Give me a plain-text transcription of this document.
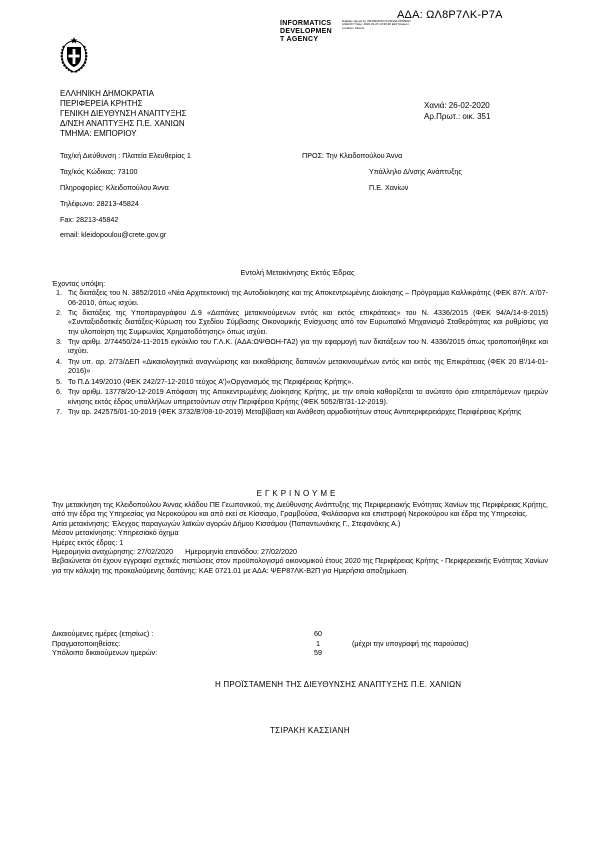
ΑΔΑ: ΩΛ8Ρ7ΛΚ-Ρ7Α
INFORMATICS
DEVELOPMEN
T AGENCY
Digitally signed by INFORMATICS DEVELOPMENT AGENCY Date: 2020.02.26 13:39:28 EET Reason: Location: Athens
ΕΛΛΗΝΙΚΗ ΔΗΜΟΚΡΑΤΙΑ
ΠΕΡΙΦΕΡΕΙΑ ΚΡΗΤΗΣ
ΓΕΝΙΚΗ ΔΙΕΥΘΥΝΣΗ ΑΝΑΠΤΥΞΗΣ
Δ/ΝΣΗ ΑΝΑΠΤΥΞΗΣ Π.Ε. ΧΑΝΙΩΝ
ΤΜΗΜΑ: ΕΜΠΟΡΙΟΥ
Χανιά: 26-02-2020
Αρ.Πρωτ.: οικ. 351
Ταχ/κή Διεύθυνση : Πλατεία Ελευθερίας 1
Ταχ/κός Κώδικας: 73100
Πληροφορίες: Κλειδοπούλου Άννα
Τηλέφωνο: 28213-45824
Fax: 28213-45842
email: kleidopoulou@crete.gov.gr
ΠΡΟΣ: Την Κλειδοπούλου Άννα
Υπάλληλο Δ/νσης Ανάπτυξης
Π.Ε. Χανίων
Εντολή Μετακίνησης Εκτός Έδρας

Έχοντας υπόψη:

1. Τις διατάξεις του Ν. 3852/2010 «Νέα Αρχιτεκτονική της Αυτοδιοίκησης και της Αποκεντρωμένης Διοίκησης – Πρόγραμμα Καλλικράτης (ΦΕΚ 87/τ. Α'/07-06-2010, όπως ισχύει.
2. Τις διατάξεις της Υποπαραγράφου Δ.9 «Δαπάνες μετακινούμενων εντός και εκτός επικράτειας» του Ν. 4336/2015 (ΦΕΚ 94/Α/14-8-2015) «Συνταξιοδοτικές διατάξεις-Κύρωση του Σχεδίου Σύμβασης Οικονομικής Ενίσχυσης από τον Ευρωπαϊκό Μηχανισμό Σταθερότητας και ρυθμίσεις για την υλοποίηση της Συμφωνίας Χρηματοδότησης» όπως ισχύει.
3. Την αριθμ. 2/74450/24-11-2015 εγκύκλιο του Γ.Λ.Κ. (ΑΔΑ:ΩΨΘΩΗ-ΓΑ2) για την εφαρμογή των διατάξεων του Ν. 4336/2015 όπως τροποποιήθηκε και ισχύει.
4. Την υπ. αρ. 2/73/ΔΕΠ «Δικαιολογητικά αναγνώρισης και εκκαθάρισης δαπανών μετακινουμένων εντός και εκτός της Επικράτειας (ΦΕΚ 20 Β'/14-01-2016)»
5. Το Π.Δ 149/2010 (ΦΕΚ 242/27-12-2010 τεύχος Α')«Οργανισμός της Περιφέρειας Κρήτης».
6. Την αριθμ. 13778/20-12-2019 Απόφαση της Αποκεντρωμένης Διοίκησης Κρήτης, με την οποία καθορίζεται το ανώτατο όριο επιτρεπόμενων ημερών κίνησης εκτός έδρας υπαλλήλων υπηρετούντων στην Περιφέρεια Κρήτης (ΦΕΚ 5052/Β'/31-12-2019).
7. Την αρ. 242575/01-10-2019 (ΦΕΚ 3732/Β'/08-10-2019) Μεταβίβαση και Ανάθεση αρμοδιοτήτων στους Αντιπεριφερειάρχες Περιφέρειας Κρήτης
ΕΓΚΡΙΝΟΥΜΕ

Την μετακίνηση της Κλειδοπούλου Άννας κλάδου ΠΕ Γεωπονικού, της Διεύθυνσης Ανάπτυξης της Περιφερειακής Ενότητας Χανίων της Περιφέρειας Κρήτης, από την έδρα της Υπηρεσίας για Νεροκούρου και από εκεί σε Κίσσαμο, Γραμβούσα, Φαλάσαρνα και επιστροφή Νεροκούρου και έδρα της Υπηρεσίας.

Αιτία μετακίνησης: Έλεγχος παραγωγών λαϊκών αγορών Δήμου Κισσάμου (Παπαντωνάκης Γ., Στεφανάκης Α.)

Μέσον μετακίνησης: Υπηρεσιακό όχημα

Ημέρες εκτός έδρας: 1

Ημερομηνία αναχώρησης: 27/02/2020      Ημερομηνία επανόδου: 27/02/2020

Βεβαιώνεται ότι έχουν εγγραφεί σχετικές πιστώσεις στον προϋπολογισμό οικονομικού έτους 2020 της Περιφέρειας Κρήτης - Περιφερειακής Ενότητας Χανίων για την κάλυψη της προκαλούμενης δαπάνης: ΚΑΕ 0721.01 με ΑΔΑ: ΨΕΡ87ΛΚ-Β2Π για Ημερήσια αποζημίωση.

Δικαιούμενες ημέρες (ετησίως) :	60
Πραγματοποιηθείσες:	1	(μέχρι την υπογραφή της παρούσας)
Υπόλοιπο δικαιούμενων ημερών:	59
Η ΠΡΟΪΣΤΑΜΕΝΗ ΤΗΣ ΔΙΕΥΘΥΝΣΗΣ ΑΝΑΠΤΥΞΗΣ Π.Ε. ΧΑΝΙΩΝ
ΤΣΙΡΑΚΗ ΚΑΣΣΙΑΝΗ
